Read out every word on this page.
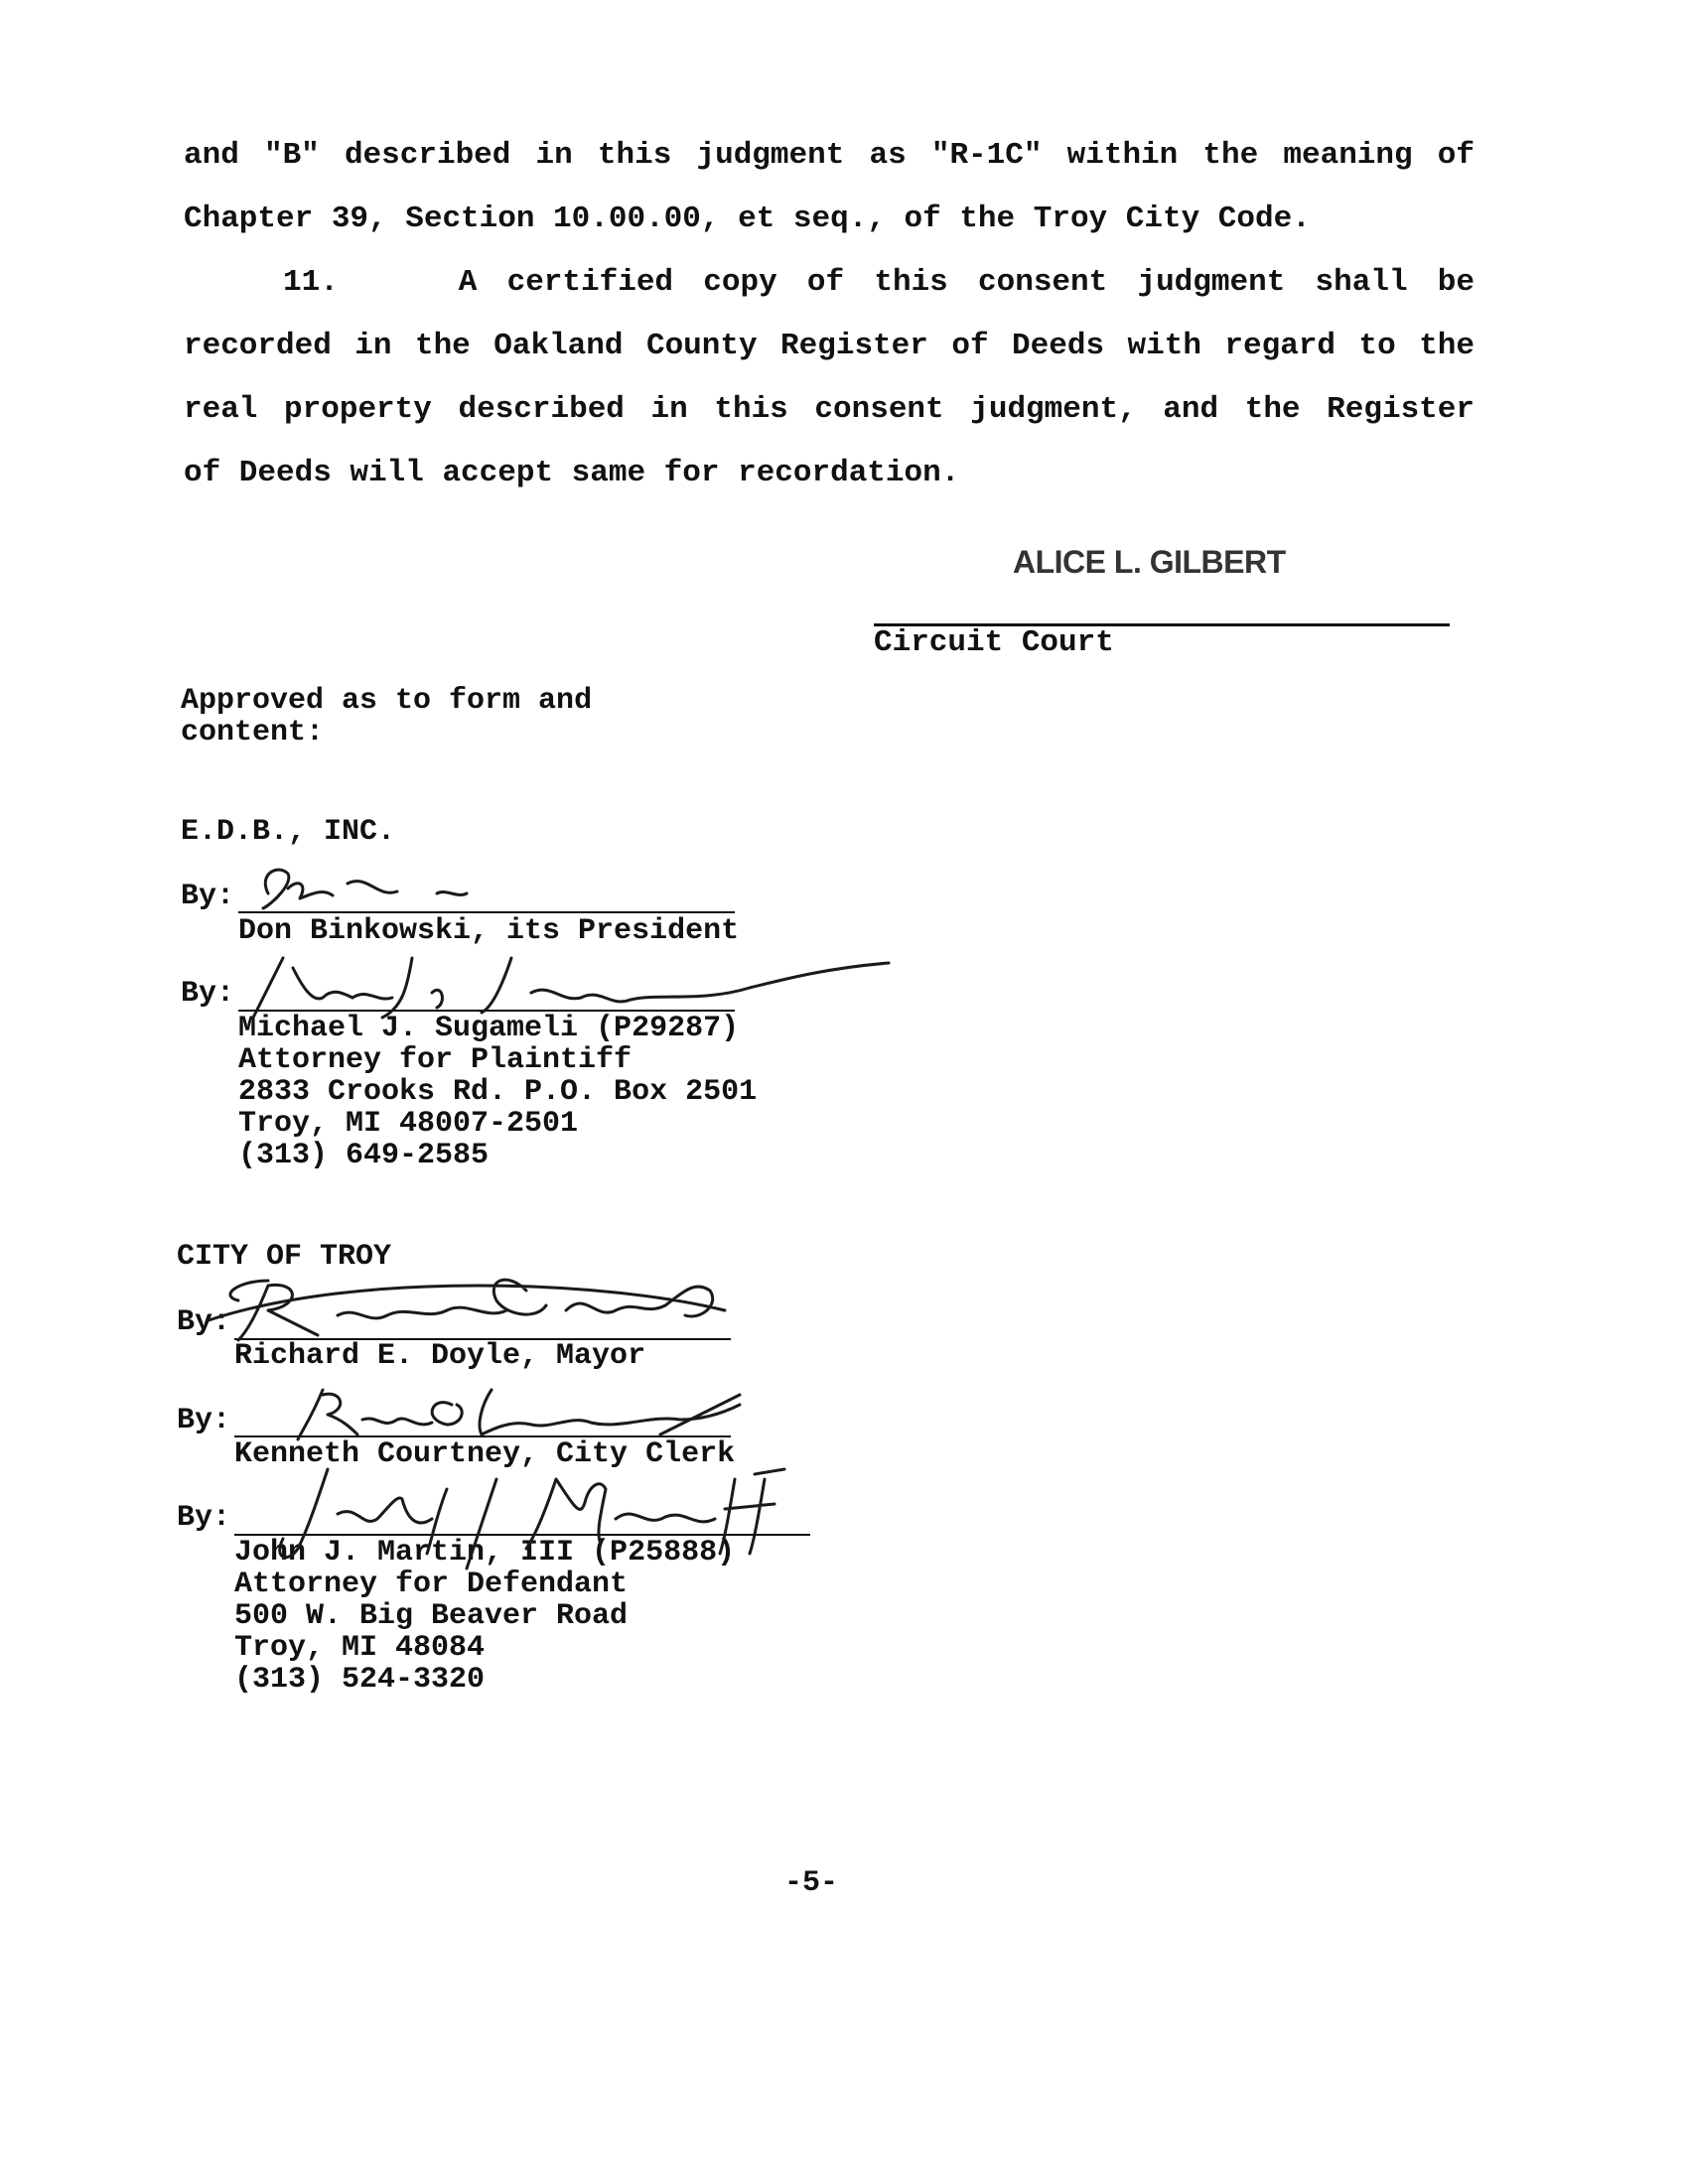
and "B" described in this judgment as "R-1C" within the meaning of
Chapter 39, Section 10.00.00, et seq., of the Troy City Code.
11.	A certified copy of this consent judgment shall be
recorded in the Oakland County Register of Deeds with regard to the
real property described in this consent judgment, and the Register
of Deeds will accept same for recordation.
ALICE L. GILBERT
Circuit Court
Approved as to form and
content:
E.D.B., INC.
By:
Don Binkowski, its President
By:
Michael J. Sugameli (P29287)
Attorney for Plaintiff
2833 Crooks Rd. P.O. Box 2501
Troy, MI 48007-2501
(313) 649-2585
CITY OF TROY
By:
Richard E. Doyle, Mayor
By:
Kenneth Courtney, City Clerk
By:
John J. Martin, III (P25888)
Attorney for Defendant
500 W. Big Beaver Road
Troy, MI 48084
(313) 524-3320
-5-
